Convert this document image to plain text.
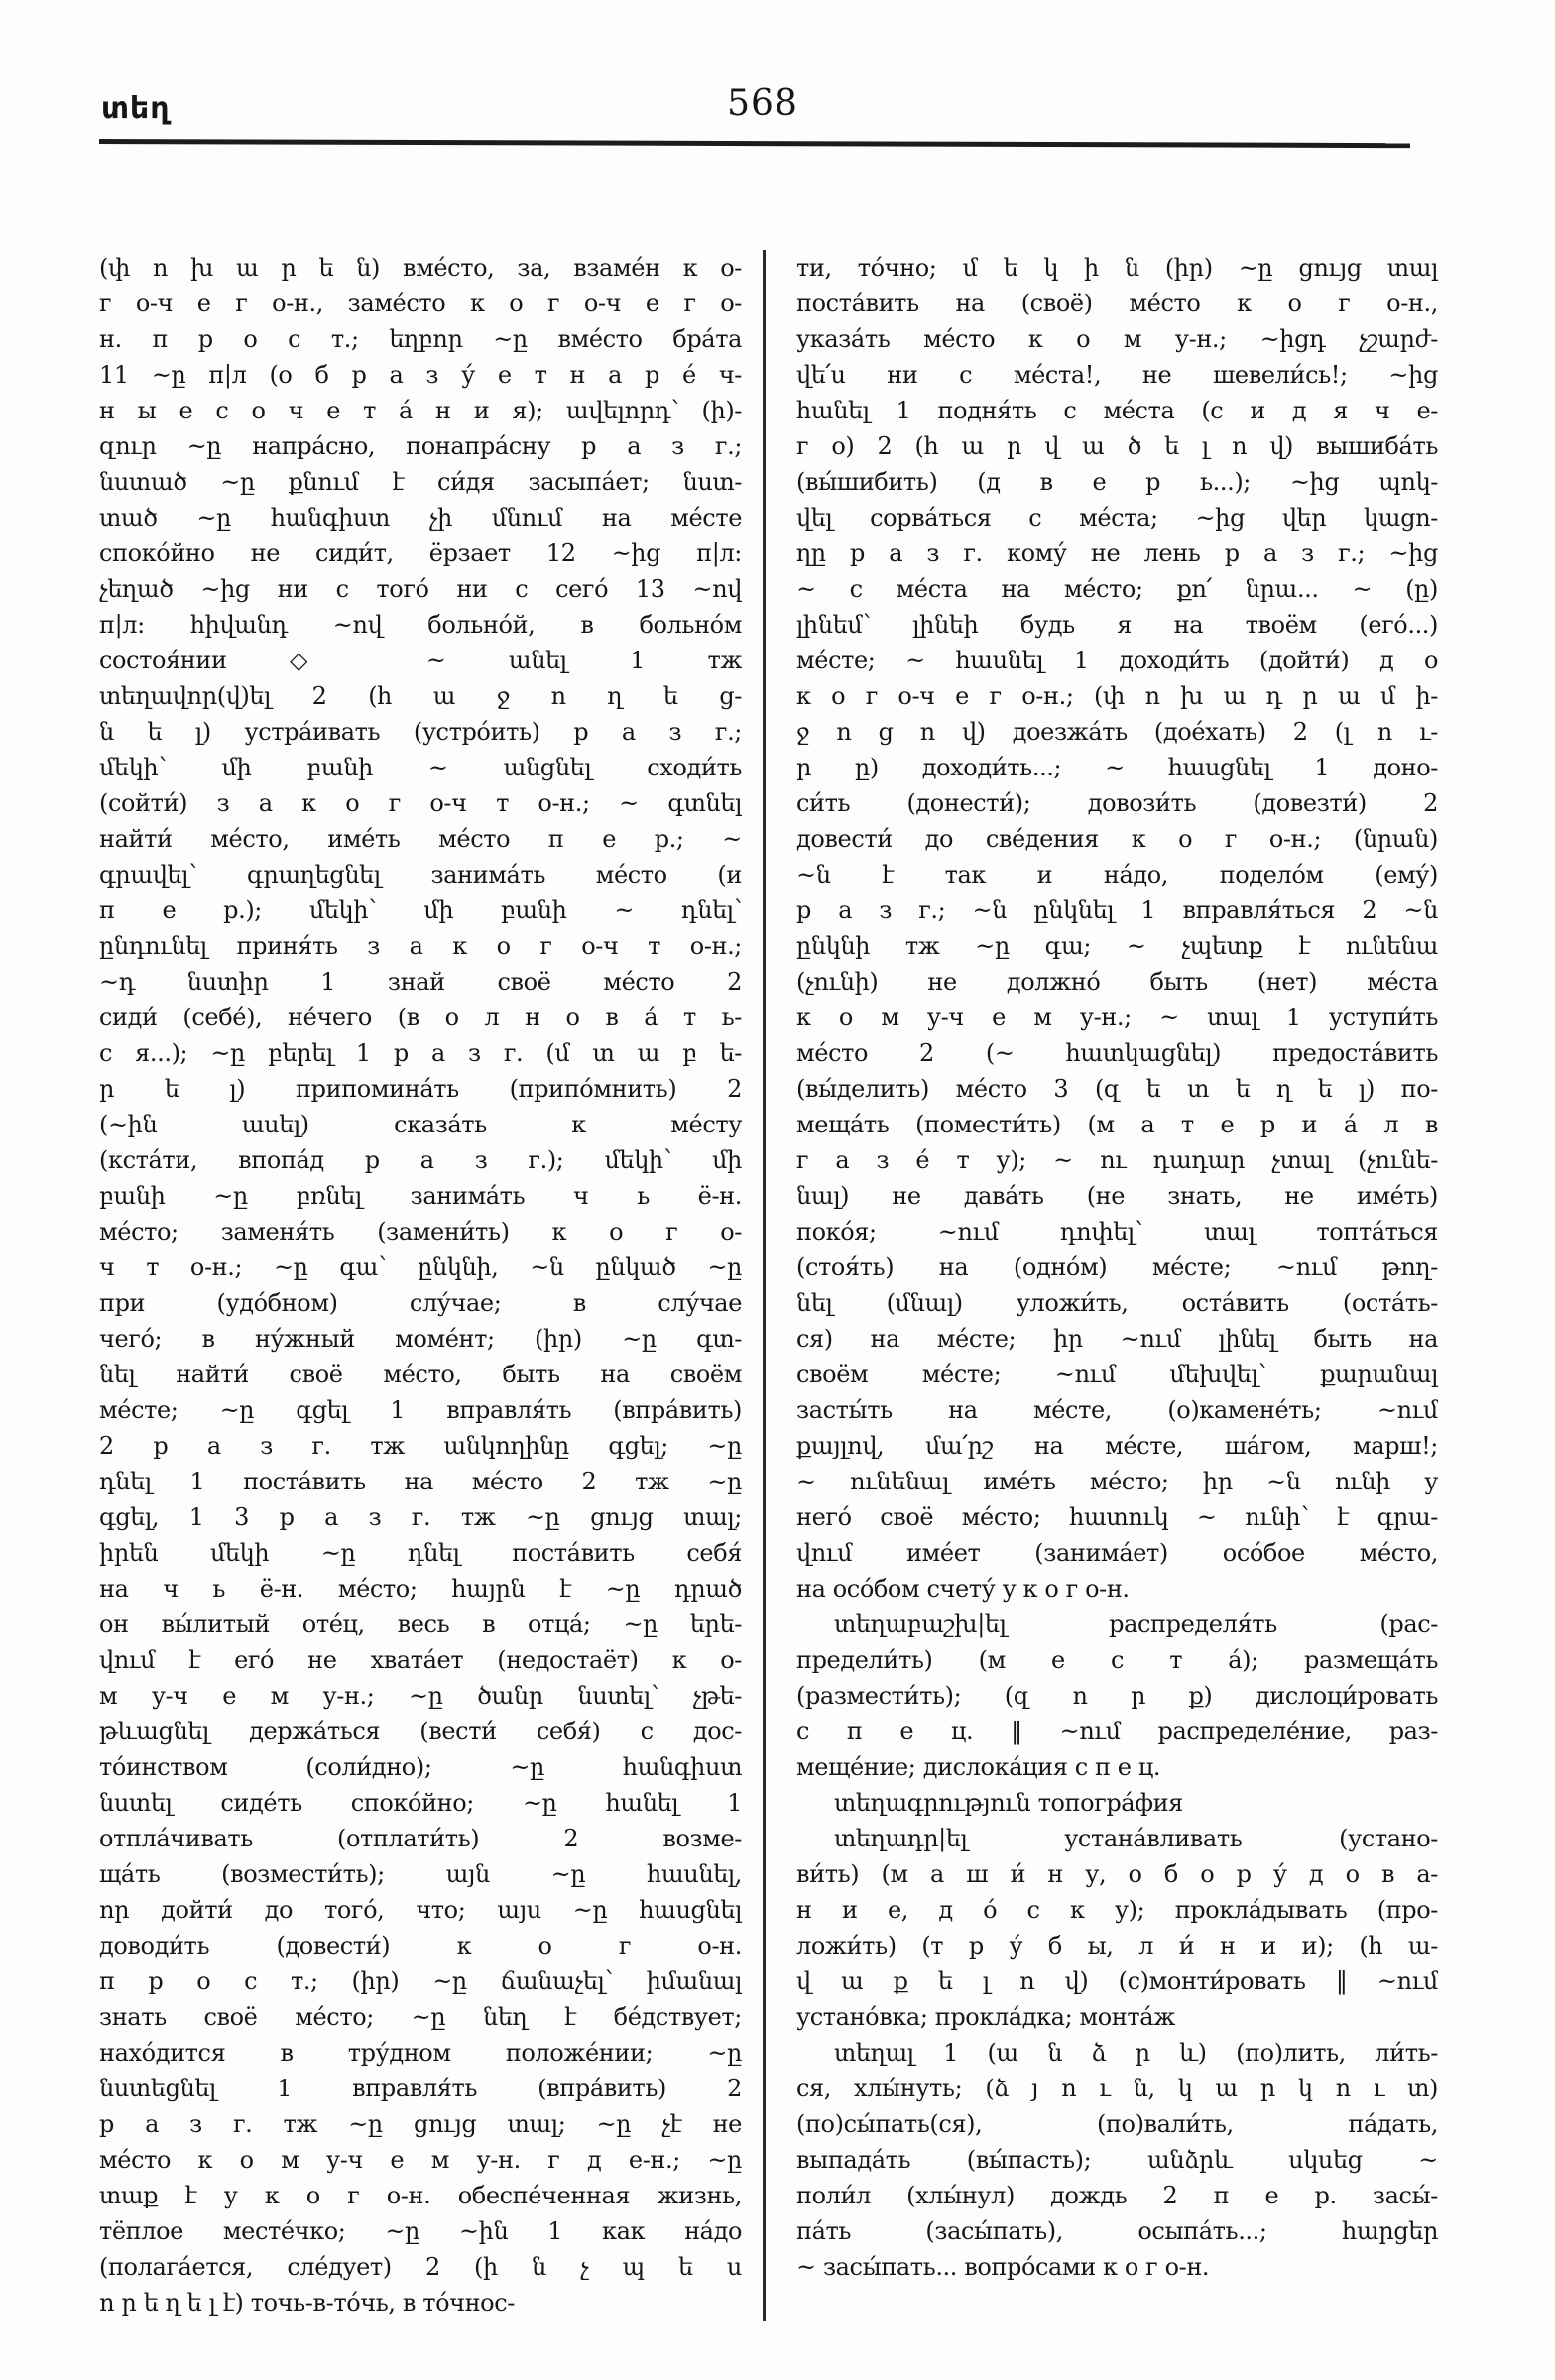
տեղ	568
(փ ո խ ա ր ե ն) вме́сто, за, взаме́н к о-
г о-ч е г о-н., заме́сто к о г о-ч е г о-
н. п р о с т.; եղբոր ~ը вме́сто бра́та
11 ~ը п|л (о б р а з у́ е т н а р е́ ч-
н ы е с о ч е т а́ н и я); ավելորդ՝ (ի)-
զուր ~ը напра́сно, понапра́сну р а з г.;
նստած ~ը քնում է си́дя засыпа́ет; նստ-
տած ~ը հանգիստ չի մնում на ме́сте
споко́йно не сиди́т, ёрзает 12 ~ից п|л:
չեղած ~ից ни с того́ ни с сего́ 13 ~ով
п|л: հիվանդ ~ով больно́й, в больно́м
состоя́нии ◇ ~ անել 1 тж
տեղավոր(վ)ել 2 (հ ա ջ ո ղ ե ց-
ն ե լ) устра́ивать (устро́ить) р а з г.;
մեկի՝ մի բանի ~ անցնել сходи́ть
(сойти́) з а к о г о-ч т о-н.; ~ գտնել
найти́ ме́сто, име́ть ме́сто п е р.; ~
գրավել՝ գրաղեցնել занима́ть ме́сто (и
п е р.); մեկի՝ մի բանի ~ դնել՝
ընդունել приня́ть з а к о г о-ч т о-н.;
~դ նստիր 1 знай своё ме́сто 2
сиди́ (себе́), не́чего (в о л н о в а́ т ь-
с я...); ~ը բերել 1 р а з г. (մ տ ա բ ե-
ր ե լ) припомина́ть (припо́мнить) 2
(~ին ասել) сказа́ть к ме́сту
(кста́ти, впопа́д р а з г.); մեկի՝ մի
բանի ~ը բռնել занима́ть ч ь ё-н.
ме́сто; заменя́ть (замени́ть) к о г о-
ч т о-н.; ~ը գա՝ ընկնի, ~ն ընկած ~ը
при (удо́бном) слу́чае; в слу́чае
чего́; в ну́жный моме́нт; (իր) ~ը գտ-
նել найти́ своё ме́сто, быть на своём
ме́сте; ~ը գցել 1 вправля́ть (впра́вить)
2 р а з г. тж անկողինը գցել; ~ը
դնել 1 поста́вить на ме́сто 2 тж ~ը
գցել, 1 3 р а з г. тж ~ը ցույց տալ;
իրեն մեկի ~ը դնել поста́вить себя́
на ч ь ё-н. ме́сто; հայրն է ~ը դրած
он вы́литый оте́ц, весь в отца́; ~ը երե-
վում է его́ не хвата́ет (недостаёт) к о-
м у-ч е м у-н.; ~ը ծանր նստել՝ չթե-
թևացնել держа́ться (вести́ себя́) с дос-
то́инством (соли́дно); ~ը հանգիստ
նստել сиде́ть споко́йно; ~ը հանել 1
отпла́чивать (отплати́ть) 2 возме-
ща́ть (возмести́ть); այն ~ը հասնել,
որ дойти́ до того́, что; այս ~ը հասցնել
доводи́ть (довести́) к о г о-н.
п р о с т.; (իր) ~ը ճանաչել՝ իմանալ
знать своё ме́сто; ~ը նեղ է бе́дствует;
нахо́дится в тру́дном положе́нии; ~ը
նստեցնել 1 вправля́ть (впра́вить) 2
р а з г. тж ~ը ցույց տալ; ~ը չէ не
ме́сто к о м у-ч е м у-н. г д е-н.; ~ը
տաք է у к о г о-н. обеспе́ченная жизнь,
тёплое месте́чко; ~ը ~ին 1 как на́до
(полага́ется, сле́дует) 2 (ի ն չ պ ե ս
ո ր ե ղ ե լ է) точь-в-то́чь, в то́чнос-
ти, то́чно; մ ե կ ի ն (իր) ~ը ցույց տալ
поста́вить на (своё) ме́сто к о г о-н.,
указа́ть ме́сто к о м у-н.; ~իցդ չշարժ-
վե՛ս ни с ме́ста!, не шевели́сь!; ~ից
հանել 1 подня́ть с ме́ста (с и д я ч е-
г о) 2 (հ ա ր վ ա ծ ե լ ո վ) вышиба́ть
(вы́шибить) (д в е р ь...); ~ից պոկ-
վել сорва́ться с ме́ста; ~ից վեր կացո-
ղը р а з г. кому́ не лень р а з г.; ~ից
~ с ме́ста на ме́сто; քո՛ նրա... ~ (ը)
լինեմ՝ լինեի будь я на твоём (его́...)
ме́сте; ~ հասնել 1 доходи́ть (дойти́) д о
к о г о-ч е г о-н.; (փ ո խ ա դ ր ա մ ի-
ջ ո ց ո վ) доезжа́ть (дое́хать) 2 (լ ո ւ-
ր ը) доходи́ть...; ~ հասցնել 1 доно-
си́ть (донести́); довози́ть (довезти́) 2
довести́ до све́дения к о г о-н.; (նրան)
~ն է так и на́до, подело́м (ему́)
р а з г.; ~ն ընկնել 1 вправля́ться 2 ~ն
ընկնի тж ~ը գա; ~ չպետք է ունենա
(չունի) не должно́ быть (нет) ме́ста
к о м у-ч е м у-н.; ~ տալ 1 уступи́ть
ме́сто 2 (~ հատկացնել) предоста́вить
(вы́делить) ме́сто 3 (զ ե տ ե ղ ե լ) по-
меща́ть (помести́ть) (м а т е р и а́ л в
г а з е́ т у); ~ ու դադար չտալ (չունե-
նալ) не дава́ть (не знать, не име́ть)
поко́я; ~ում դոփել՝ տալ топта́ться
(стоя́ть) на (одно́м) ме́сте; ~ում թող-
նել (մնալ) уложи́ть, оста́вить (оста́ть-
ся) на ме́сте; իր ~ում լինել быть на
своём ме́сте; ~ում մեխվել՝ քարանալ
засты́ть на ме́сте, (о)камене́ть; ~ում
քայլով, մա՛րշ на ме́сте, ша́гом, марш!;
~ ունենալ име́ть ме́сто; իր ~ն ունի у
него́ своё ме́сто; հատուկ ~ ունի՝ է գրա-
վում име́ет (занима́ет) осо́бое ме́сто,
на осо́бом счету́ у к о г о-н.
տեղաբաշխ|ել распределя́ть (рас-
предели́ть) (м е с т а́); размеща́ть
(размести́ть); (զ ո ր ք) дислоци́ровать
с п е ц. ‖ ~ում распределе́ние, раз-
меще́ние; дислока́ция с п е ц.
տեղագրություն топогра́фия
տեղադր|ել устана́вливать (устано-
ви́ть) (м а ш и́ н у, о б о р у́ д о в а-
н и е, д о́ с к у); прокла́дывать (про-
ложи́ть) (т р у́ б ы, л и́ н и и); (հ ա-
վ ա ք ե լ ո վ) (с)монти́ровать ‖ ~ում
устано́вка; прокла́дка; монта́ж
տեղալ 1 (ա ն ձ ր և) (по)лить, ли́ть-
ся, хлы́нуть; (ձ յ ո ւ ն, կ ա ր կ ո ւ տ)
(по)сы́пать(ся), (по)вали́ть, па́дать,
выпада́ть (вы́пасть); անձրև սկսեց ~
поли́л (хлы́нул) дождь 2 п е р. засы́-
па́ть (засы́пать), осыпа́ть...; հարցեր
~ засы́пать... вопро́сами к о г о-н.
